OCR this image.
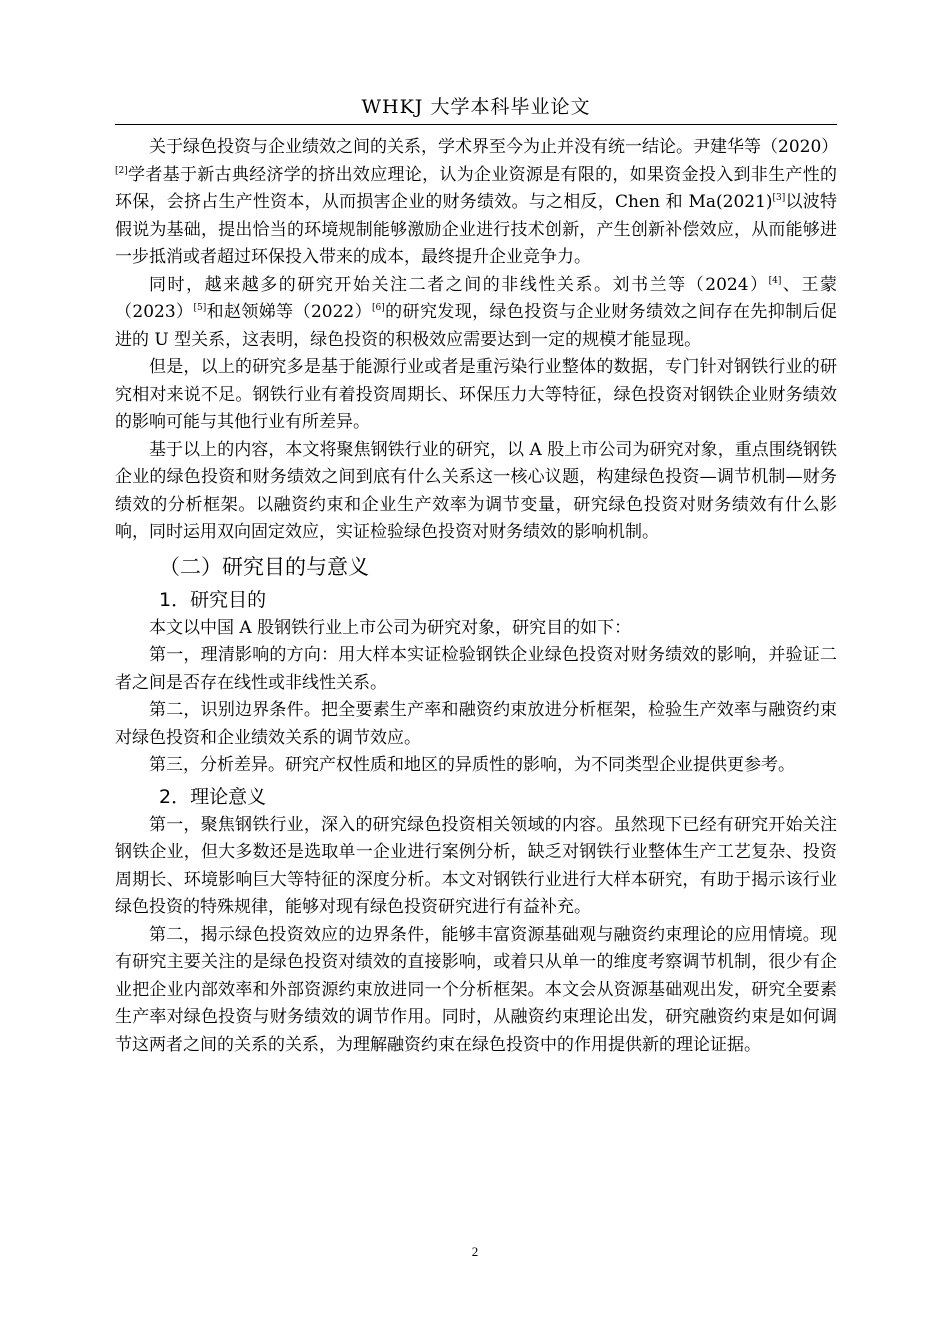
WHKJ 大学本科毕业论文

关于绿色投资与企业绩效之间的关系，学术界至今为止并没有统一结论。尹建华等（2020）[2]学者基于新古典经济学的挤出效应理论，认为企业资源是有限的，如果资金投入到非生产性的环保，会挤占生产性资本，从而损害企业的财务绩效。与之相反，Chen 和 Ma(2021)[3]以波特假说为基础，提出恰当的环境规制能够激励企业进行技术创新，产生创新补偿效应，从而能够进一步抵消或者超过环保投入带来的成本，最终提升企业竞争力。

同时，越来越多的研究开始关注二者之间的非线性关系。刘书兰等（2024）[4]、王蒙（2023）[5]和赵领娣等（2022）[6]的研究发现，绿色投资与企业财务绩效之间存在先抑制后促进的 U 型关系，这表明，绿色投资的积极效应需要达到一定的规模才能显现。

但是，以上的研究多是基于能源行业或者是重污染行业整体的数据，专门针对钢铁行业的研究相对来说不足。钢铁行业有着投资周期长、环保压力大等特征，绿色投资对钢铁企业财务绩效的影响可能与其他行业有所差异。

基于以上的内容，本文将聚焦钢铁行业的研究，以 A 股上市公司为研究对象，重点围绕钢铁企业的绿色投资和财务绩效之间到底有什么关系这一核心议题，构建绿色投资—调节机制—财务绩效的分析框架。以融资约束和企业生产效率为调节变量，研究绿色投资对财务绩效有什么影响，同时运用双向固定效应，实证检验绿色投资对财务绩效的影响机制。

（二）研究目的与意义
1．研究目的

本文以中国 A 股钢铁行业上市公司为研究对象，研究目的如下：

第一，理清影响的方向：用大样本实证检验钢铁企业绿色投资对财务绩效的影响，并验证二者之间是否存在线性或非线性关系。

第二，识别边界条件。把全要素生产率和融资约束放进分析框架，检验生产效率与融资约束对绿色投资和企业绩效关系的调节效应。

第三，分析差异。研究产权性质和地区的异质性的影响，为不同类型企业提供更参考。

2．理论意义

第一，聚焦钢铁行业，深入的研究绿色投资相关领域的内容。虽然现下已经有研究开始关注钢铁企业，但大多数还是选取单一企业进行案例分析，缺乏对钢铁行业整体生产工艺复杂、投资周期长、环境影响巨大等特征的深度分析。本文对钢铁行业进行大样本研究，有助于揭示该行业绿色投资的特殊规律，能够对现有绿色投资研究进行有益补充。

第二，揭示绿色投资效应的边界条件，能够丰富资源基础观与融资约束理论的应用情境。现有研究主要关注的是绿色投资对绩效的直接影响，或着只从单一的维度考察调节机制，很少有企业把企业内部效率和外部资源约束放进同一个分析框架。本文会从资源基础观出发，研究全要素生产率对绿色投资与财务绩效的调节作用。同时，从融资约束理论出发，研究融资约束是如何调节这两者之间的关系的关系，为理解融资约束在绿色投资中的作用提供新的理论证据。

2
